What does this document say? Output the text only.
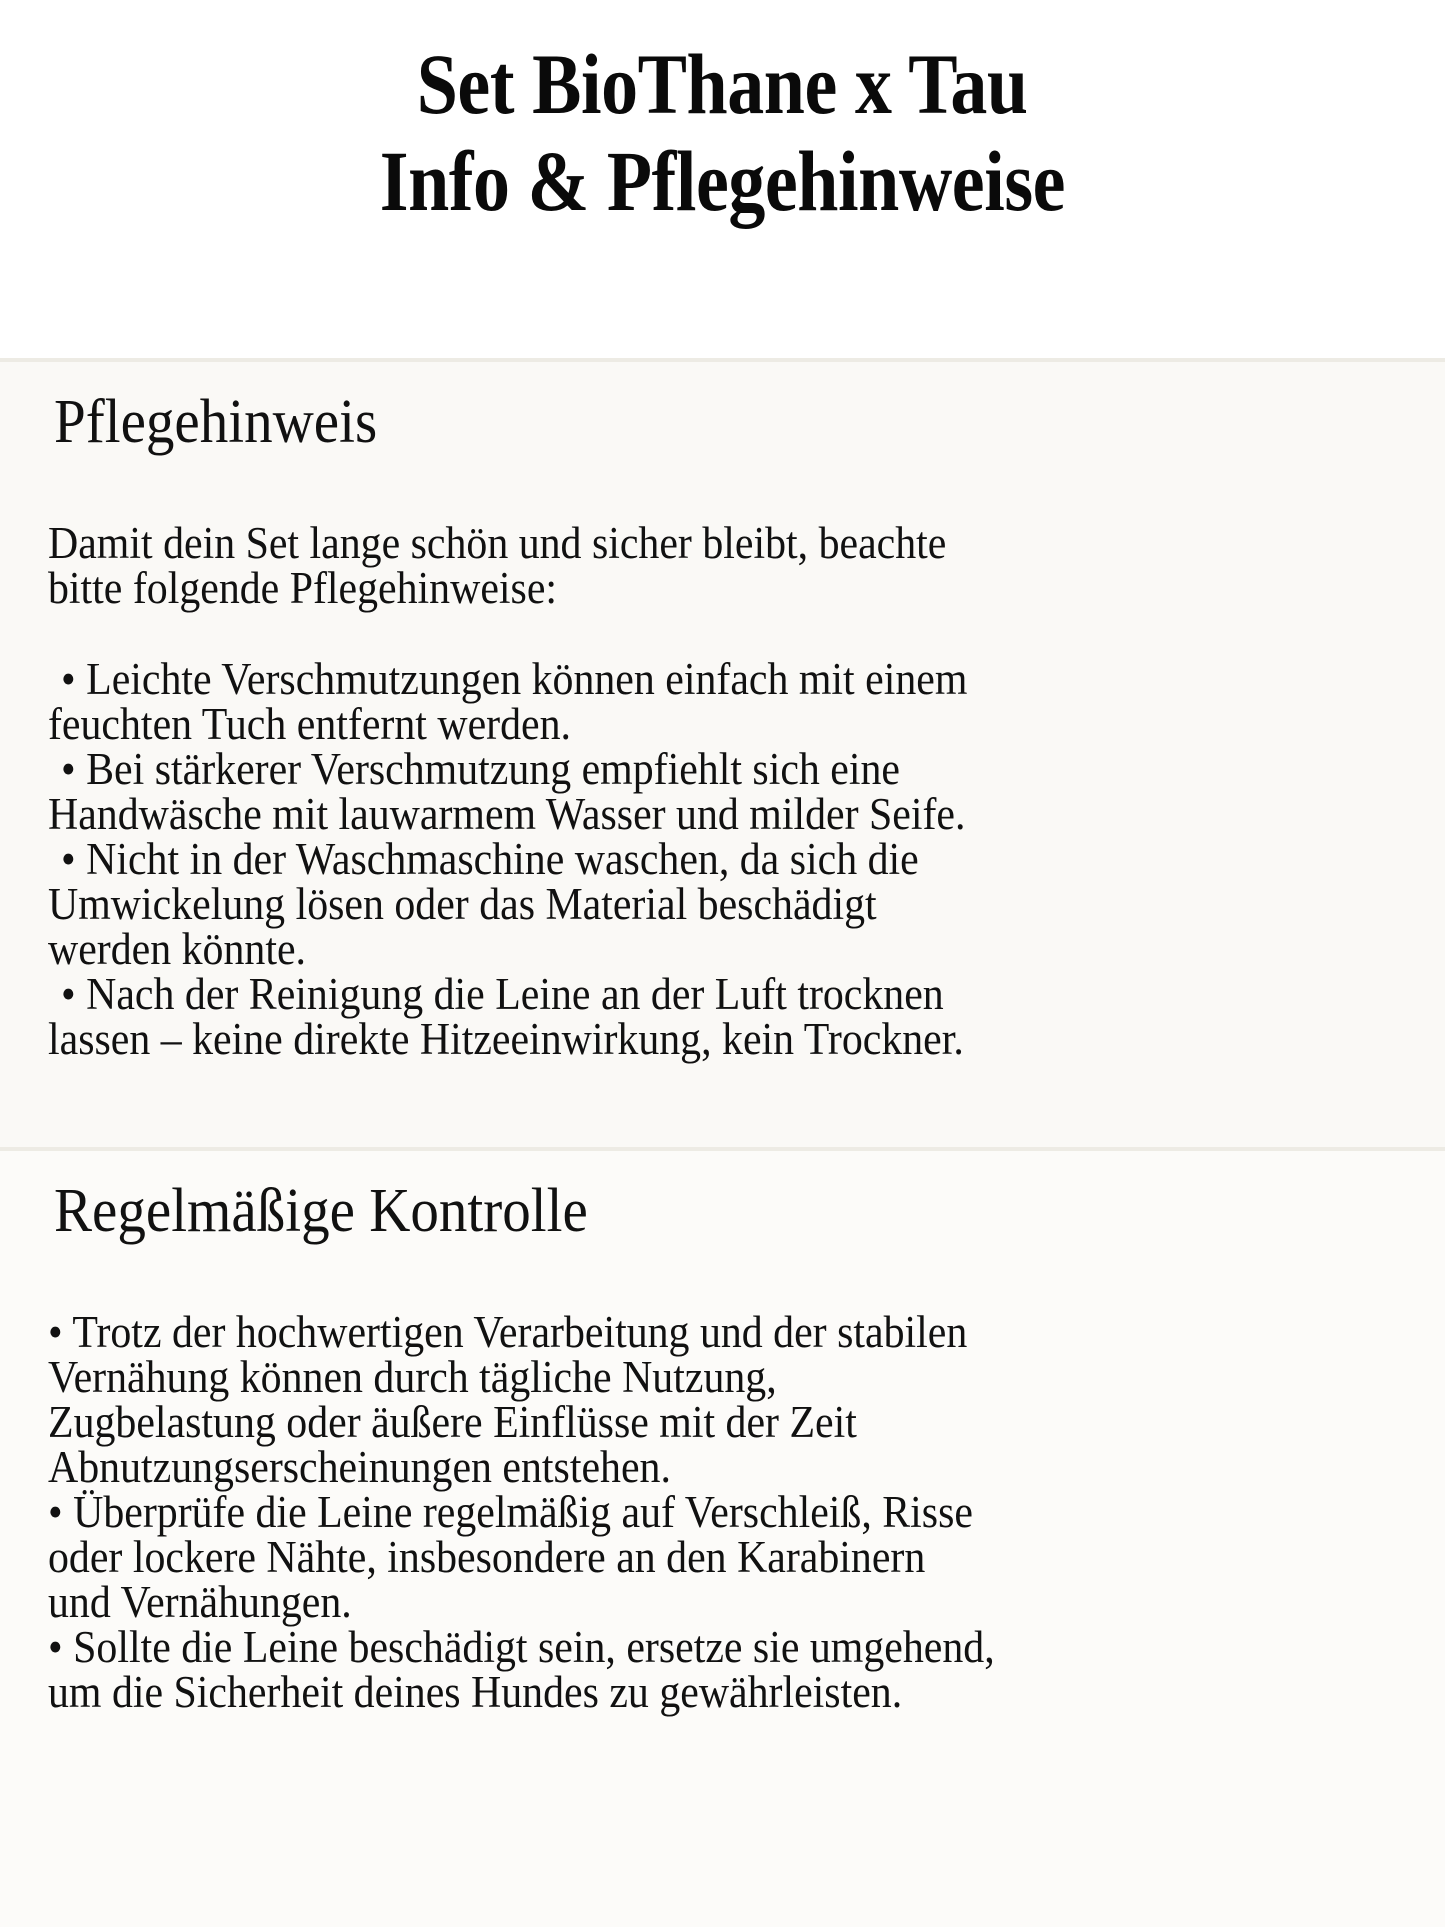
Set BioThane x Tau
Info & Pflegehinweise
Pflegehinweis

Damit dein Set lange schön und sicher bleibt, beachte
bitte folgende Pflegehinweise:

• Leichte Verschmutzungen können einfach mit einem
feuchten Tuch entfernt werden.

• Bei stärkerer Verschmutzung empfiehlt sich eine
Handwäsche mit lauwarmem Wasser und milder Seife.

• Nicht in der Waschmaschine waschen, da sich die
Umwickelung lösen oder das Material beschädigt
werden könnte.

• Nach der Reinigung die Leine an der Luft trocknen
lassen – keine direkte Hitzeeinwirkung, kein Trockner.

Regelmäßige Kontrolle

• Trotz der hochwertigen Verarbeitung und der stabilen
Vernähung können durch tägliche Nutzung,
Zugbelastung oder äußere Einflüsse mit der Zeit
Abnutzungserscheinungen entstehen.

• Überprüfe die Leine regelmäßig auf Verschleiß, Risse
oder lockere Nähte, insbesondere an den Karabinern
und Vernähungen.

• Sollte die Leine beschädigt sein, ersetze sie umgehend,
um die Sicherheit deines Hundes zu gewährleisten.
